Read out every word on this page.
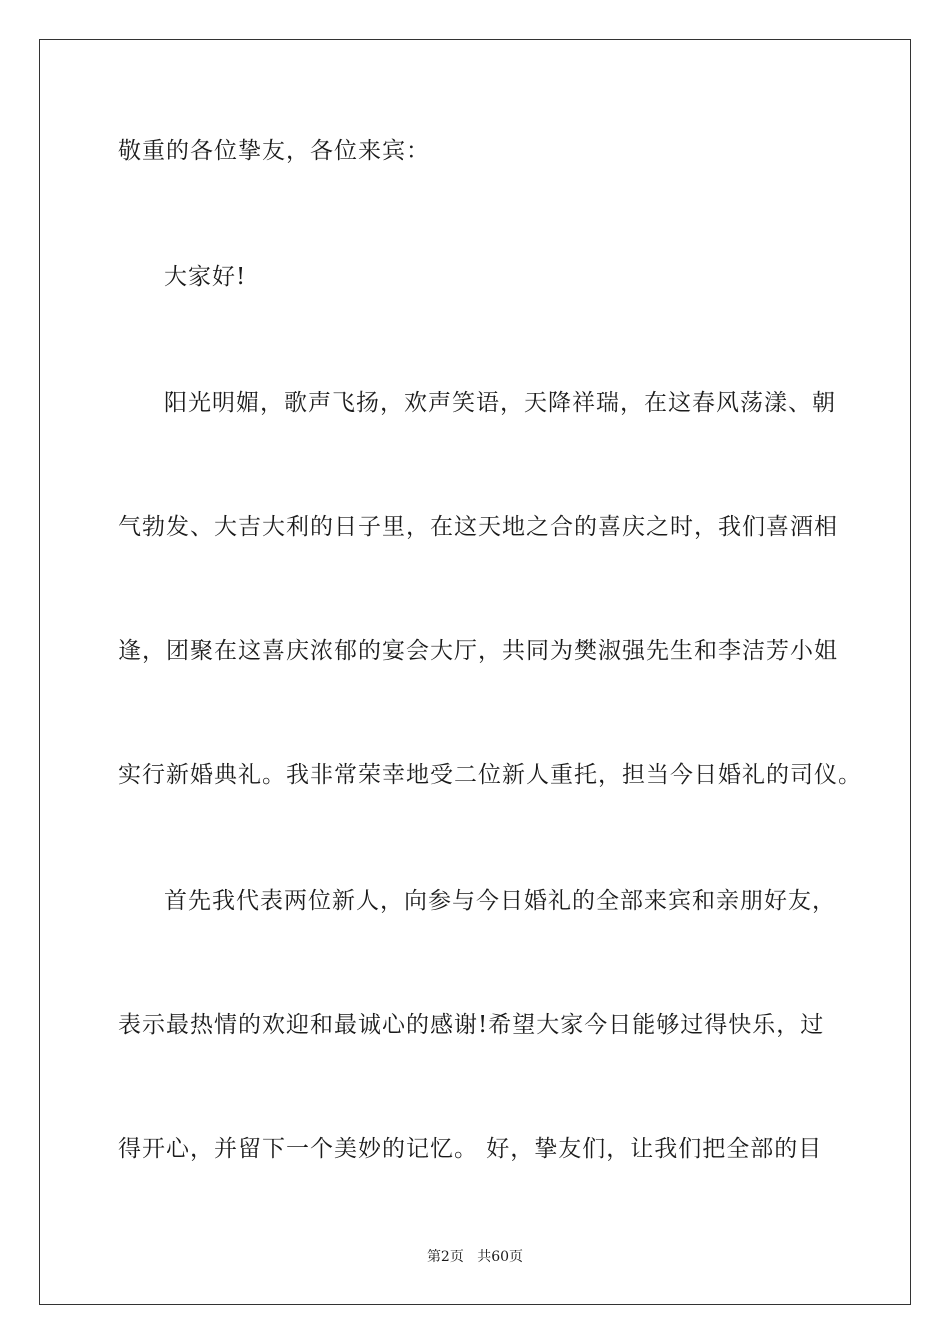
敬重的各位挚友，各位来宾：
大家好!
阳光明媚，歌声飞扬，欢声笑语，天降祥瑞，在这春风荡漾、朝
气勃发、大吉大利的日子里，在这天地之合的喜庆之时，我们喜酒相
逢，团聚在这喜庆浓郁的宴会大厅，共同为樊淑强先生和李洁芳小姐
实行新婚典礼。我非常荣幸地受二位新人重托，担当今日婚礼的司仪。
首先我代表两位新人，向参与今日婚礼的全部来宾和亲朋好友，
表示最热情的欢迎和最诚心的感谢!希望大家今日能够过得快乐，过
得开心，并留下一个美妙的记忆。 好，挚友们，让我们把全部的目
第2页 共60页
